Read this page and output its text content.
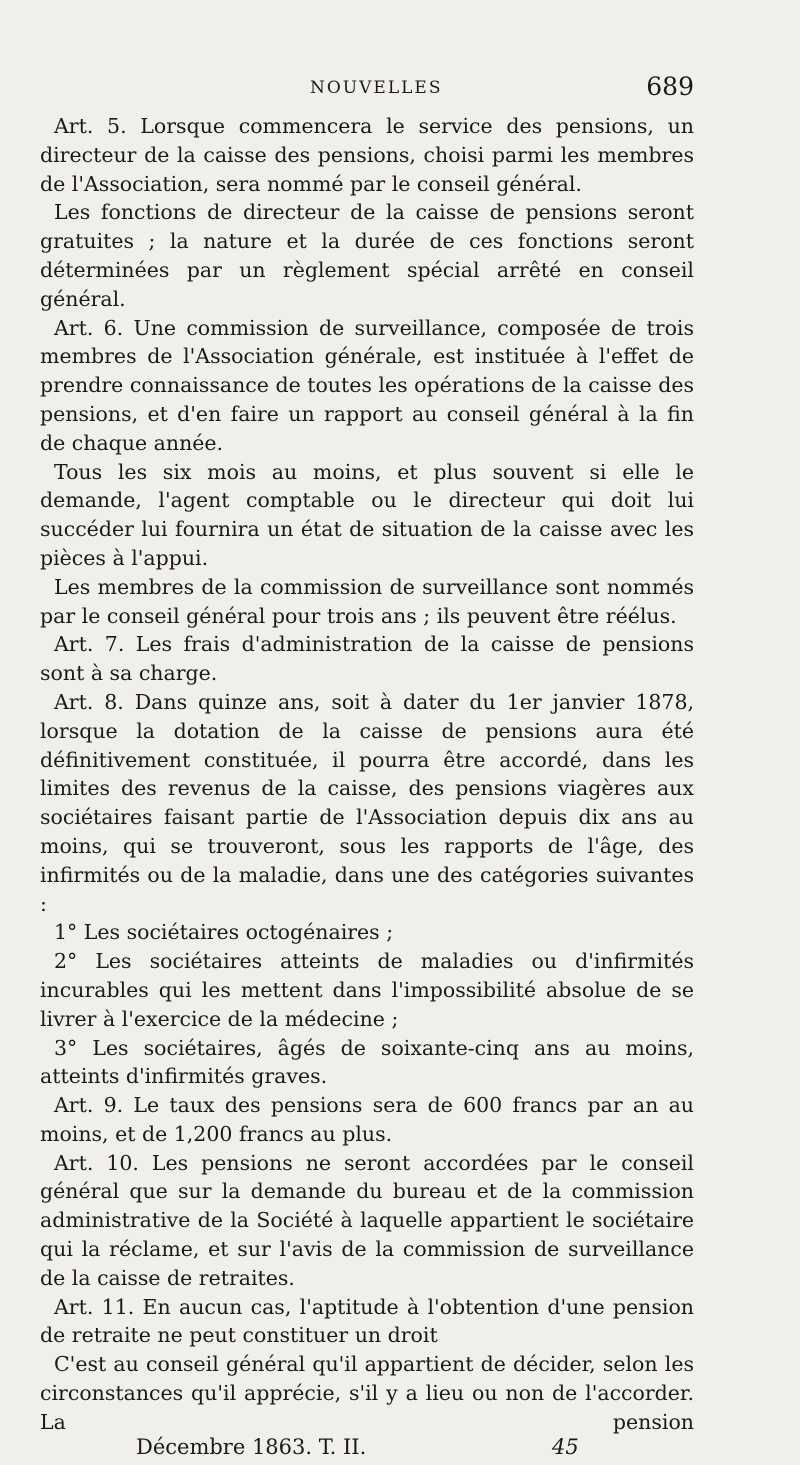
NOUVELLES	689

Art. 5. Lorsque commencera le service des pensions, un directeur de la caisse des pensions, choisi parmi les membres de l'Association, sera nommé par le conseil général.

Les fonctions de directeur de la caisse de pensions seront gratuites ; la nature et la durée de ces fonctions seront déterminées par un règlement spécial arrêté en conseil général.

Art. 6. Une commission de surveillance, composée de trois membres de l'Association générale, est instituée à l'effet de prendre connaissance de toutes les opérations de la caisse des pensions, et d'en faire un rapport au conseil général à la fin de chaque année.

Tous les six mois au moins, et plus souvent si elle le demande, l'agent comptable ou le directeur qui doit lui succéder lui fournira un état de situation de la caisse avec les pièces à l'appui.

Les membres de la commission de surveillance sont nommés par le conseil général pour trois ans ; ils peuvent être réélus.

Art. 7. Les frais d'administration de la caisse de pensions sont à sa charge.

Art. 8. Dans quinze ans, soit à dater du 1er janvier 1878, lorsque la dotation de la caisse de pensions aura été définitivement constituée, il pourra être accordé, dans les limites des revenus de la caisse, des pensions viagères aux sociétaires faisant partie de l'Association depuis dix ans au moins, qui se trouveront, sous les rapports de l'âge, des infirmités ou de la maladie, dans une des catégories suivantes :

1° Les sociétaires octogénaires ;

2° Les sociétaires atteints de maladies ou d'infirmités incurables qui les mettent dans l'impossibilité absolue de se livrer à l'exercice de la médecine ;

3° Les sociétaires, âgés de soixante-cinq ans au moins, atteints d'infirmités graves.

Art. 9. Le taux des pensions sera de 600 francs par an au moins, et de 1,200 francs au plus.

Art. 10. Les pensions ne seront accordées par le conseil général que sur la demande du bureau et de la commission administrative de la Société à laquelle appartient le sociétaire qui la réclame, et sur l'avis de la commission de surveillance de la caisse de retraites.

Art. 11. En aucun cas, l'aptitude à l'obtention d'une pension de retraite ne peut constituer un droit

C'est au conseil général qu'il appartient de décider, selon les circonstances qu'il apprécie, s'il y a lieu ou non de l'accorder. La pension

Décembre 1863. T. II.	45
